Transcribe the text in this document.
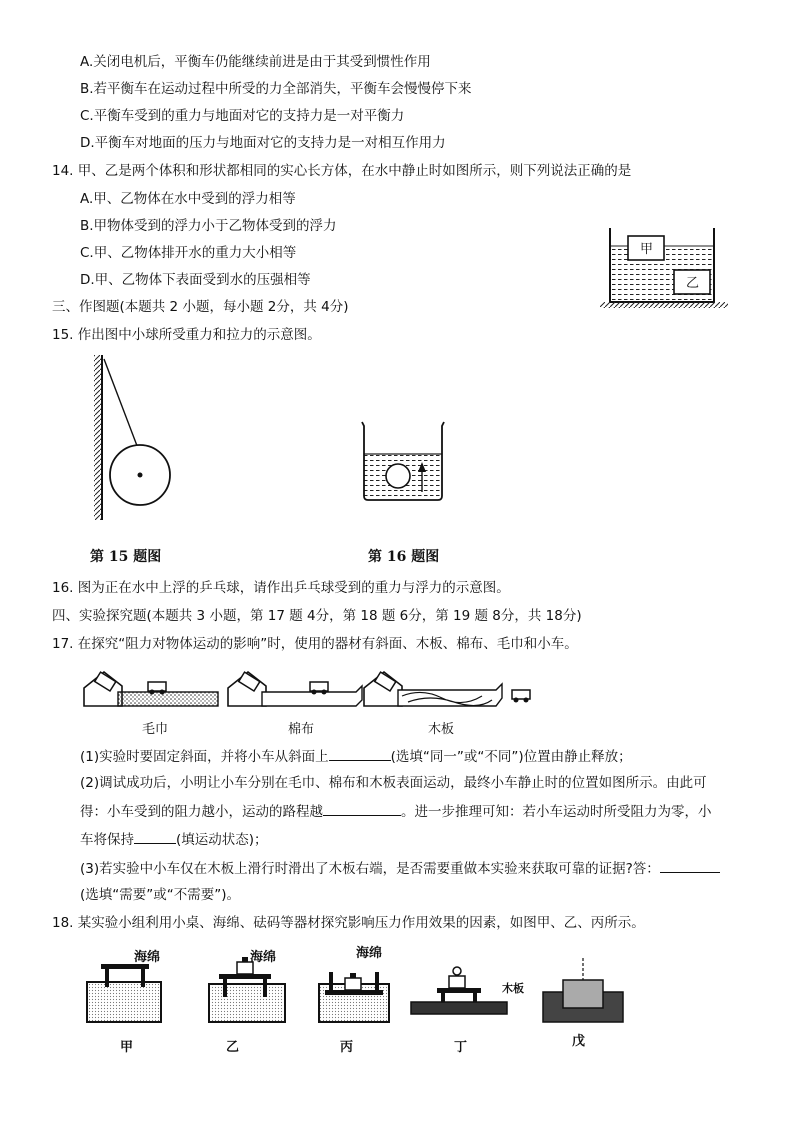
A.关闭电机后，平衡车仍能继续前进是由于其受到惯性作用
B.若平衡车在运动过程中所受的力全部消失，平衡车会慢慢停下来
C.平衡车受到的重力与地面对它的支持力是一对平衡力
D.平衡车对地面的压力与地面对它的支持力是一对相互作用力
14. 甲、乙是两个体积和形状都相同的实心长方体，在水中静止时如图所示，则下列说法正确的是
A.甲、乙物体在水中受到的浮力相等
B.甲物体受到的浮力小于乙物体受到的浮力
C.甲、乙物体排开水的重力大小相等
D.甲、乙物体下表面受到水的压强相等
甲
乙
三、作图题(本题共 2 小题，每小题 2分，共 4分)
15. 作出图中小球所受重力和拉力的示意图。
第 15 题图	第 16 题图
16. 图为正在水中上浮的乒乓球，请作出乒乓球受到的重力与浮力的示意图。
四、实验探究题(本题共 3 小题，第 17 题 4分，第 18 题 6分，第 19 题 8分，共 18分)
17. 在探究“阻力对物体运动的影响”时，使用的器材有斜面、木板、棉布、毛巾和小车。
毛巾	棉布	木板
(1)实验时要固定斜面，并将小车从斜面上	(选填“同一”或“不同”)位置由静止释放；
(2)调试成功后，小明让小车分别在毛巾、棉布和木板表面运动，最终小车静止时的位置如图所示。由此可
得：小车受到的阻力越小，运动的路程越	。进一步推理可知：若小车运动时所受阻力为零，小
车将保持	(填运动状态)；
(3)若实验中小车仅在木板上滑行时滑出了木板右端，是否需要重做本实验来获取可靠的证据?答：
(选填“需要”或“不需要”)。
18. 某实验小组利用小桌、海绵、砝码等器材探究影响压力作用效果的因素，如图甲、乙、丙所示。
海绵	海绵	海绵
木板
甲	乙	丙	丁	戊
